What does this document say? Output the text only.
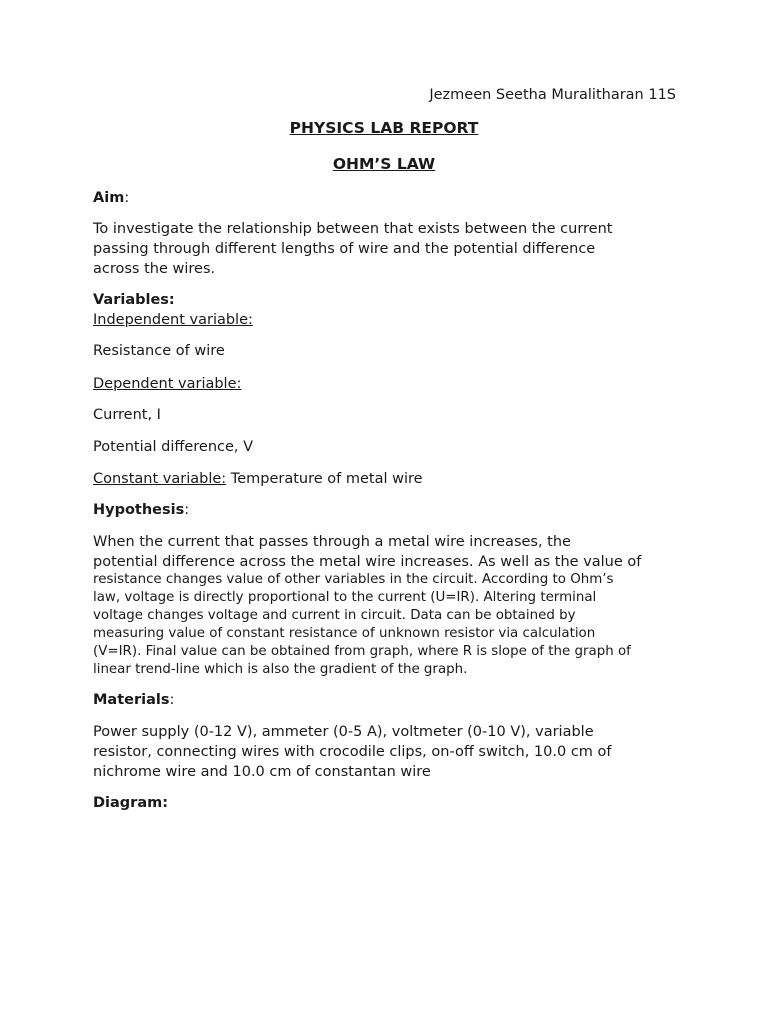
Jezmeen Seetha Muralitharan 11S
PHYSICS LAB REPORT
OHM’S LAW
Aim:

To investigate the relationship between that exists between the current

passing through different lengths of wire and the potential difference

across the wires.

Variables:
Independent variable:
Resistance of wire
Dependent variable:
Current, I
Potential difference, V
Constant variable: Temperature of metal wire
Hypothesis:

When the current that passes through a metal wire increases, the

potential difference across the metal wire increases. As well as the value of

resistance changes value of other variables in the circuit. According to Ohm’s

law, voltage is directly proportional to the current (U=IR). Altering terminal

voltage changes voltage and current in circuit. Data can be obtained by

measuring value of constant resistance of unknown resistor via calculation

(V=IR). Final value can be obtained from graph, where R is slope of the graph of

linear trend-line which is also the gradient of the graph.

Materials:

Power supply (0-12 V), ammeter (0-5 A), voltmeter (0-10 V), variable

resistor, connecting wires with crocodile clips, on-off switch, 10.0 cm of

nichrome wire and 10.0 cm of constantan wire

Diagram:
